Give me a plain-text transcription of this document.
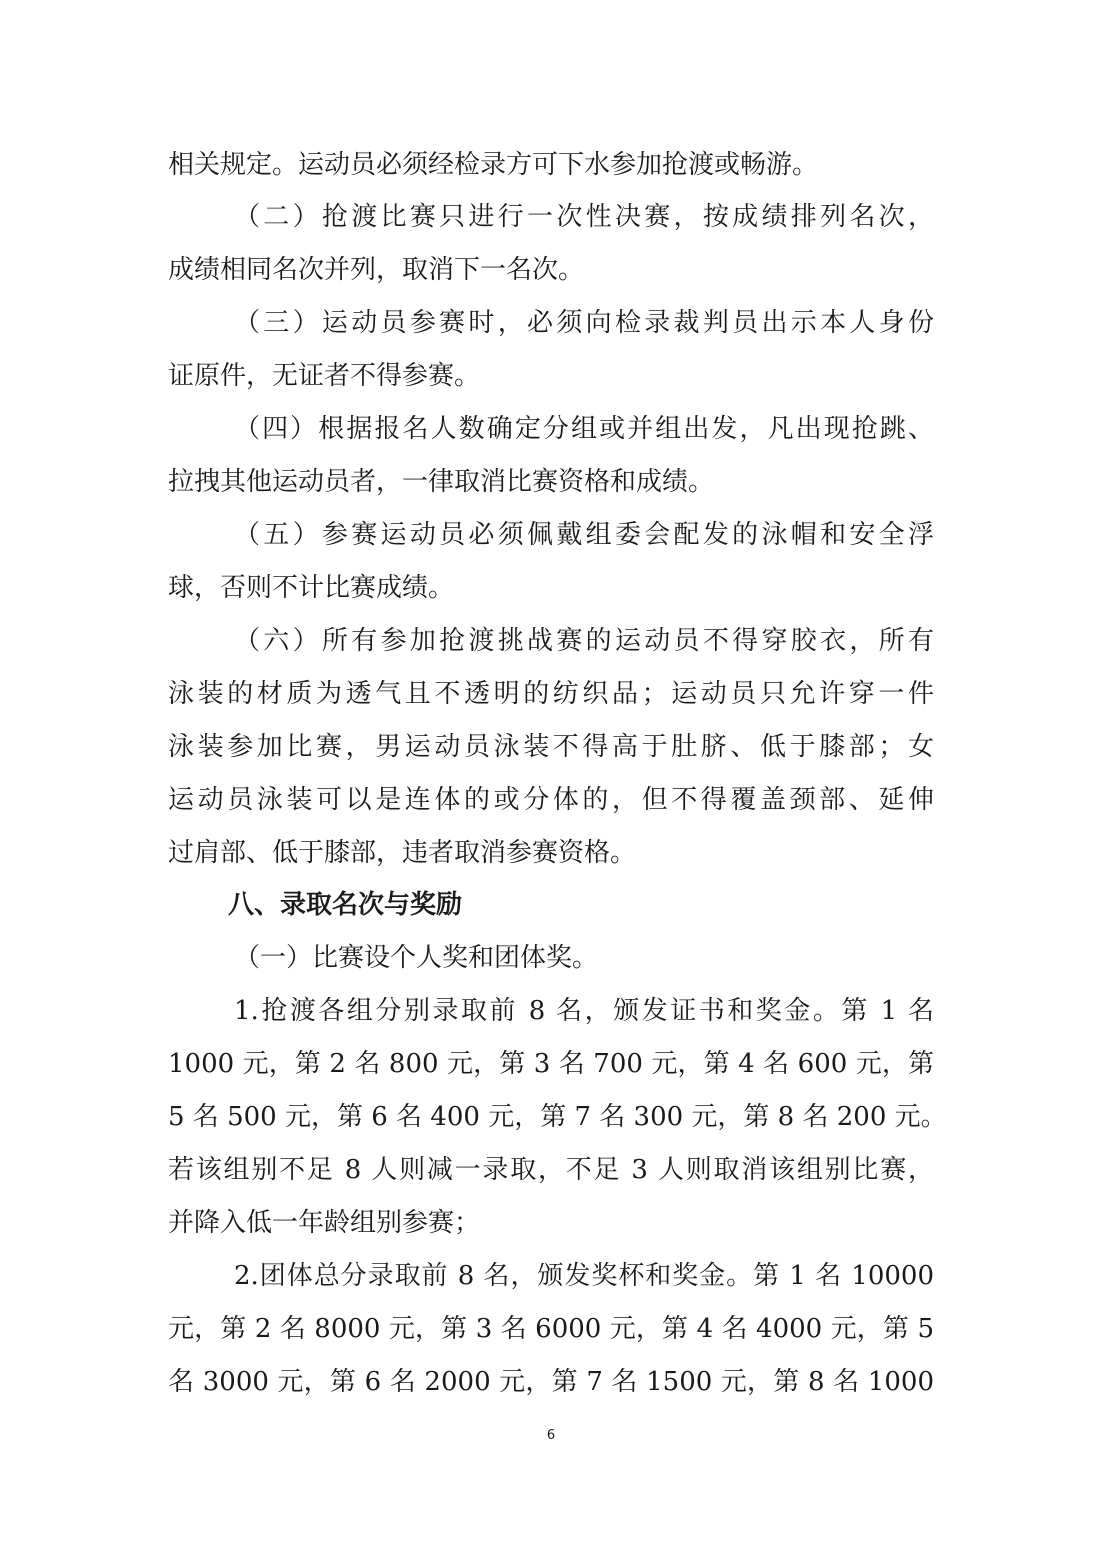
相关规定。运动员必须经检录方可下水参加抢渡或畅游。
（二）抢渡比赛只进行一次性决赛，按成绩排列名次，
成绩相同名次并列，取消下一名次。
（三）运动员参赛时，必须向检录裁判员出示本人身份
证原件，无证者不得参赛。
（四）根据报名人数确定分组或并组出发，凡出现抢跳、
拉拽其他运动员者，一律取消比赛资格和成绩。
（五）参赛运动员必须佩戴组委会配发的泳帽和安全浮
球，否则不计比赛成绩。
（六）所有参加抢渡挑战赛的运动员不得穿胶衣，所有
泳装的材质为透气且不透明的纺织品；运动员只允许穿一件
泳装参加比赛，男运动员泳装不得高于肚脐、低于膝部；女
运动员泳装可以是连体的或分体的，但不得覆盖颈部、延伸
过肩部、低于膝部，违者取消参赛资格。
八、录取名次与奖励
（一）比赛设个人奖和团体奖。
1.抢渡各组分别录取前 8 名，颁发证书和奖金。第 1 名
1000 元，第 2 名 800 元，第 3 名 700 元，第 4 名 600 元，第
5 名 500 元，第 6 名 400 元，第 7 名 300 元，第 8 名 200 元。
若该组别不足 8 人则减一录取，不足 3 人则取消该组别比赛，
并降入低一年龄组别参赛；
2.团体总分录取前 8 名，颁发奖杯和奖金。第 1 名 10000
元，第 2 名 8000 元，第 3 名 6000 元，第 4 名 4000 元，第 5
名 3000 元，第 6 名 2000 元，第 7 名 1500 元，第 8 名 1000
6
